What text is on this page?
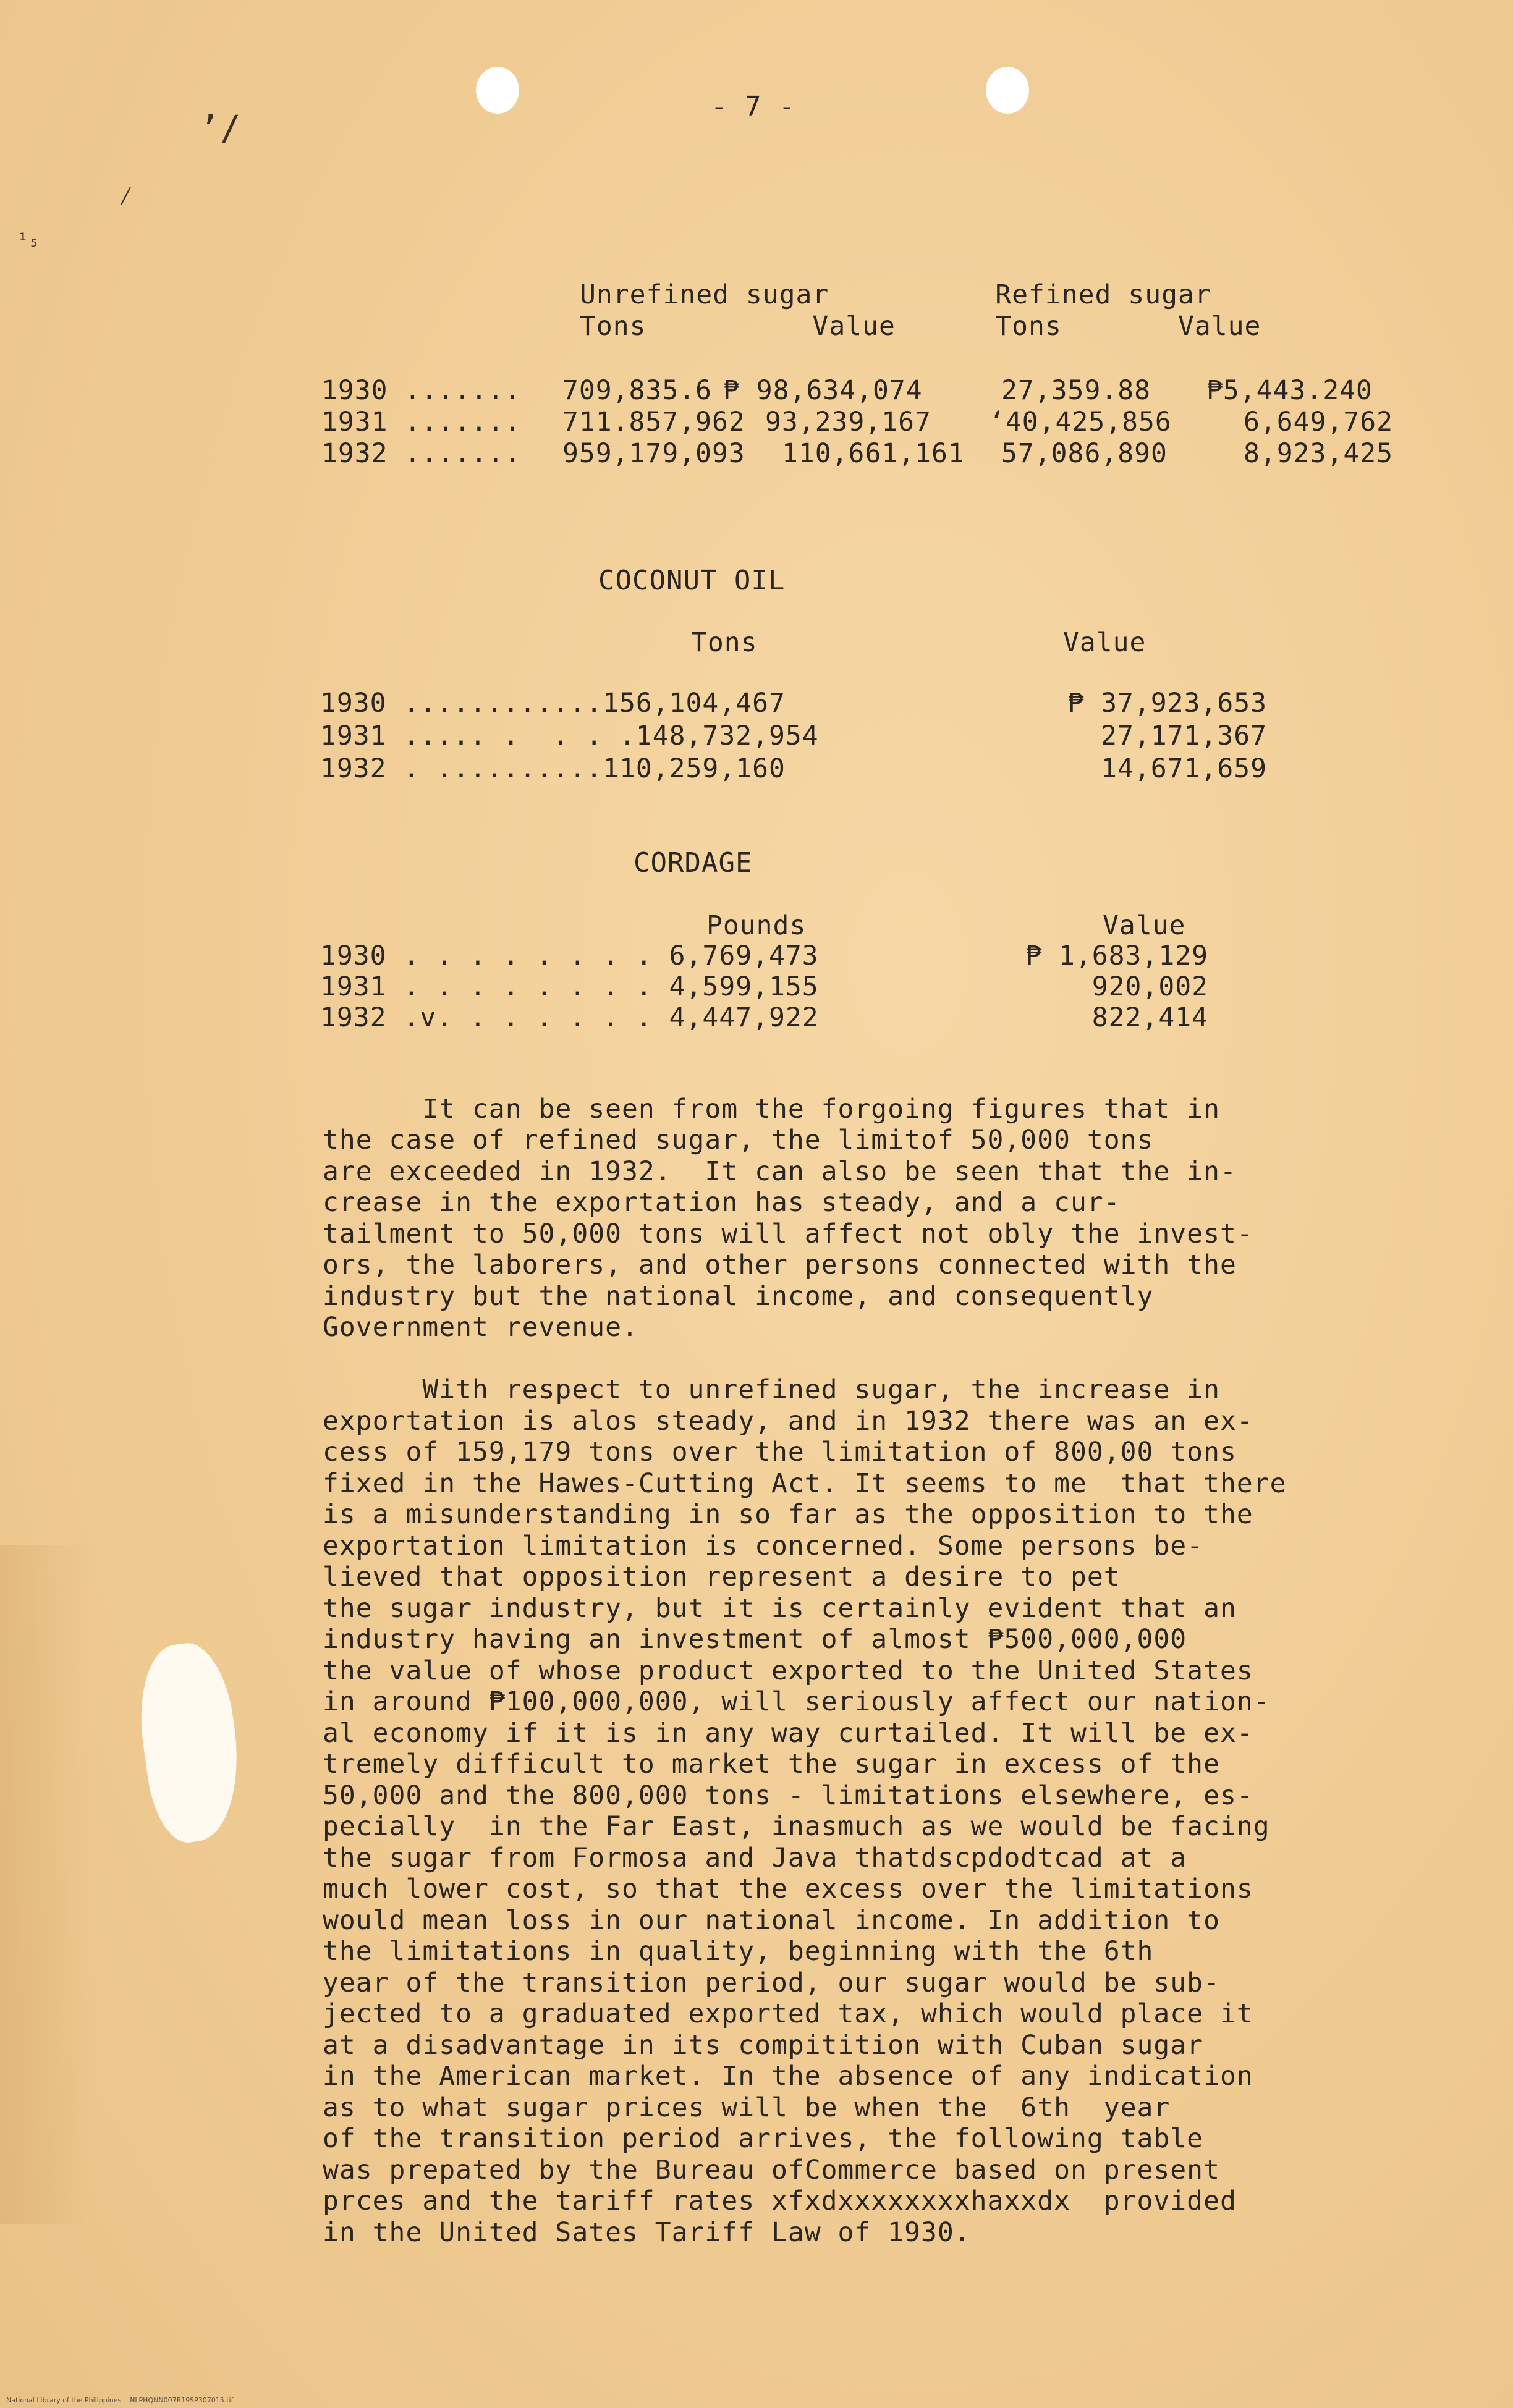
’/
⁄
¹₅
- 7 -
Unrefined sugar          Refined sugar
Tons          Value      Tons       Value
1930 ....... 709,835.6 ₱ 98,634,074	27,359.88 ₱5,443.240
1931 ....... 711.857,962 93,239,167 ‘40,425,856	6,649,762
1932 ....... 959,179,093 110,661,161 57,086,890	8,923,425
COCONUT OIL
Tons	Value
1930 ............156,104,467	₱ 37,923,653
1931 ..... .  . . .148,732,954	27,171,367
1932 . ..........110,259,160	14,671,659
CORDAGE
Pounds	Value
1930 . . . . . . . . 6,769,473	₱ 1,683,129
1931 . . . . . . . . 4,599,155	920,002
1932 .v. . . . . . . 4,447,922	822,414
It can be seen from the forgoing figures that in
the case of refined sugar, the limitof 50,000 tons
are exceeded in 1932.  It can also be seen that the in-
crease in the exportation has steady, and a cur-
tailment to 50,000 tons will affect not obly the invest-
ors, the laborers, and other persons connected with the
industry but the national income, and consequently
Government revenue.
With respect to unrefined sugar, the increase in
exportation is alos steady, and in 1932 there was an ex-
cess of 159,179 tons over the limitation of 800,00 tons
fixed in the Hawes-Cutting Act. It seems to me  that there
is a misunderstanding in so far as the opposition to the
exportation limitation is concerned. Some persons be-
lieved that opposition represent a desire to pet
the sugar industry, but it is certainly evident that an
industry having an investment of almost ₱500,000,000
the value of whose product exported to the United States
in around ₱100,000,000, will seriously affect our nation-
al economy if it is in any way curtailed. It will be ex-
tremely difficult to market the sugar in excess of the
50,000 and the 800,000 tons - limitations elsewhere, es-
pecially  in the Far East, inasmuch as we would be facing
the sugar from Formosa and Java thatdscpdodtcad at a
much lower cost, so that the excess over the limitations
would mean loss in our national income. In addition to
the limitations in quality, beginning with the 6th
year of the transition period, our sugar would be sub-
jected to a graduated exported tax, which would place it
at a disadvantage in its compitition with Cuban sugar
in the American market. In the absence of any indication
as to what sugar prices will be when the  6th  year
of the transition period arrives, the following table
was prepated by the Bureau ofCommerce based on present
prces and the tariff rates xfxdxxxxxxxxhaxxdx  provided
in the United Sates Tariff Law of 1930.
National Library of the Philippines    NLPHQNN007B19SP307015.tif
